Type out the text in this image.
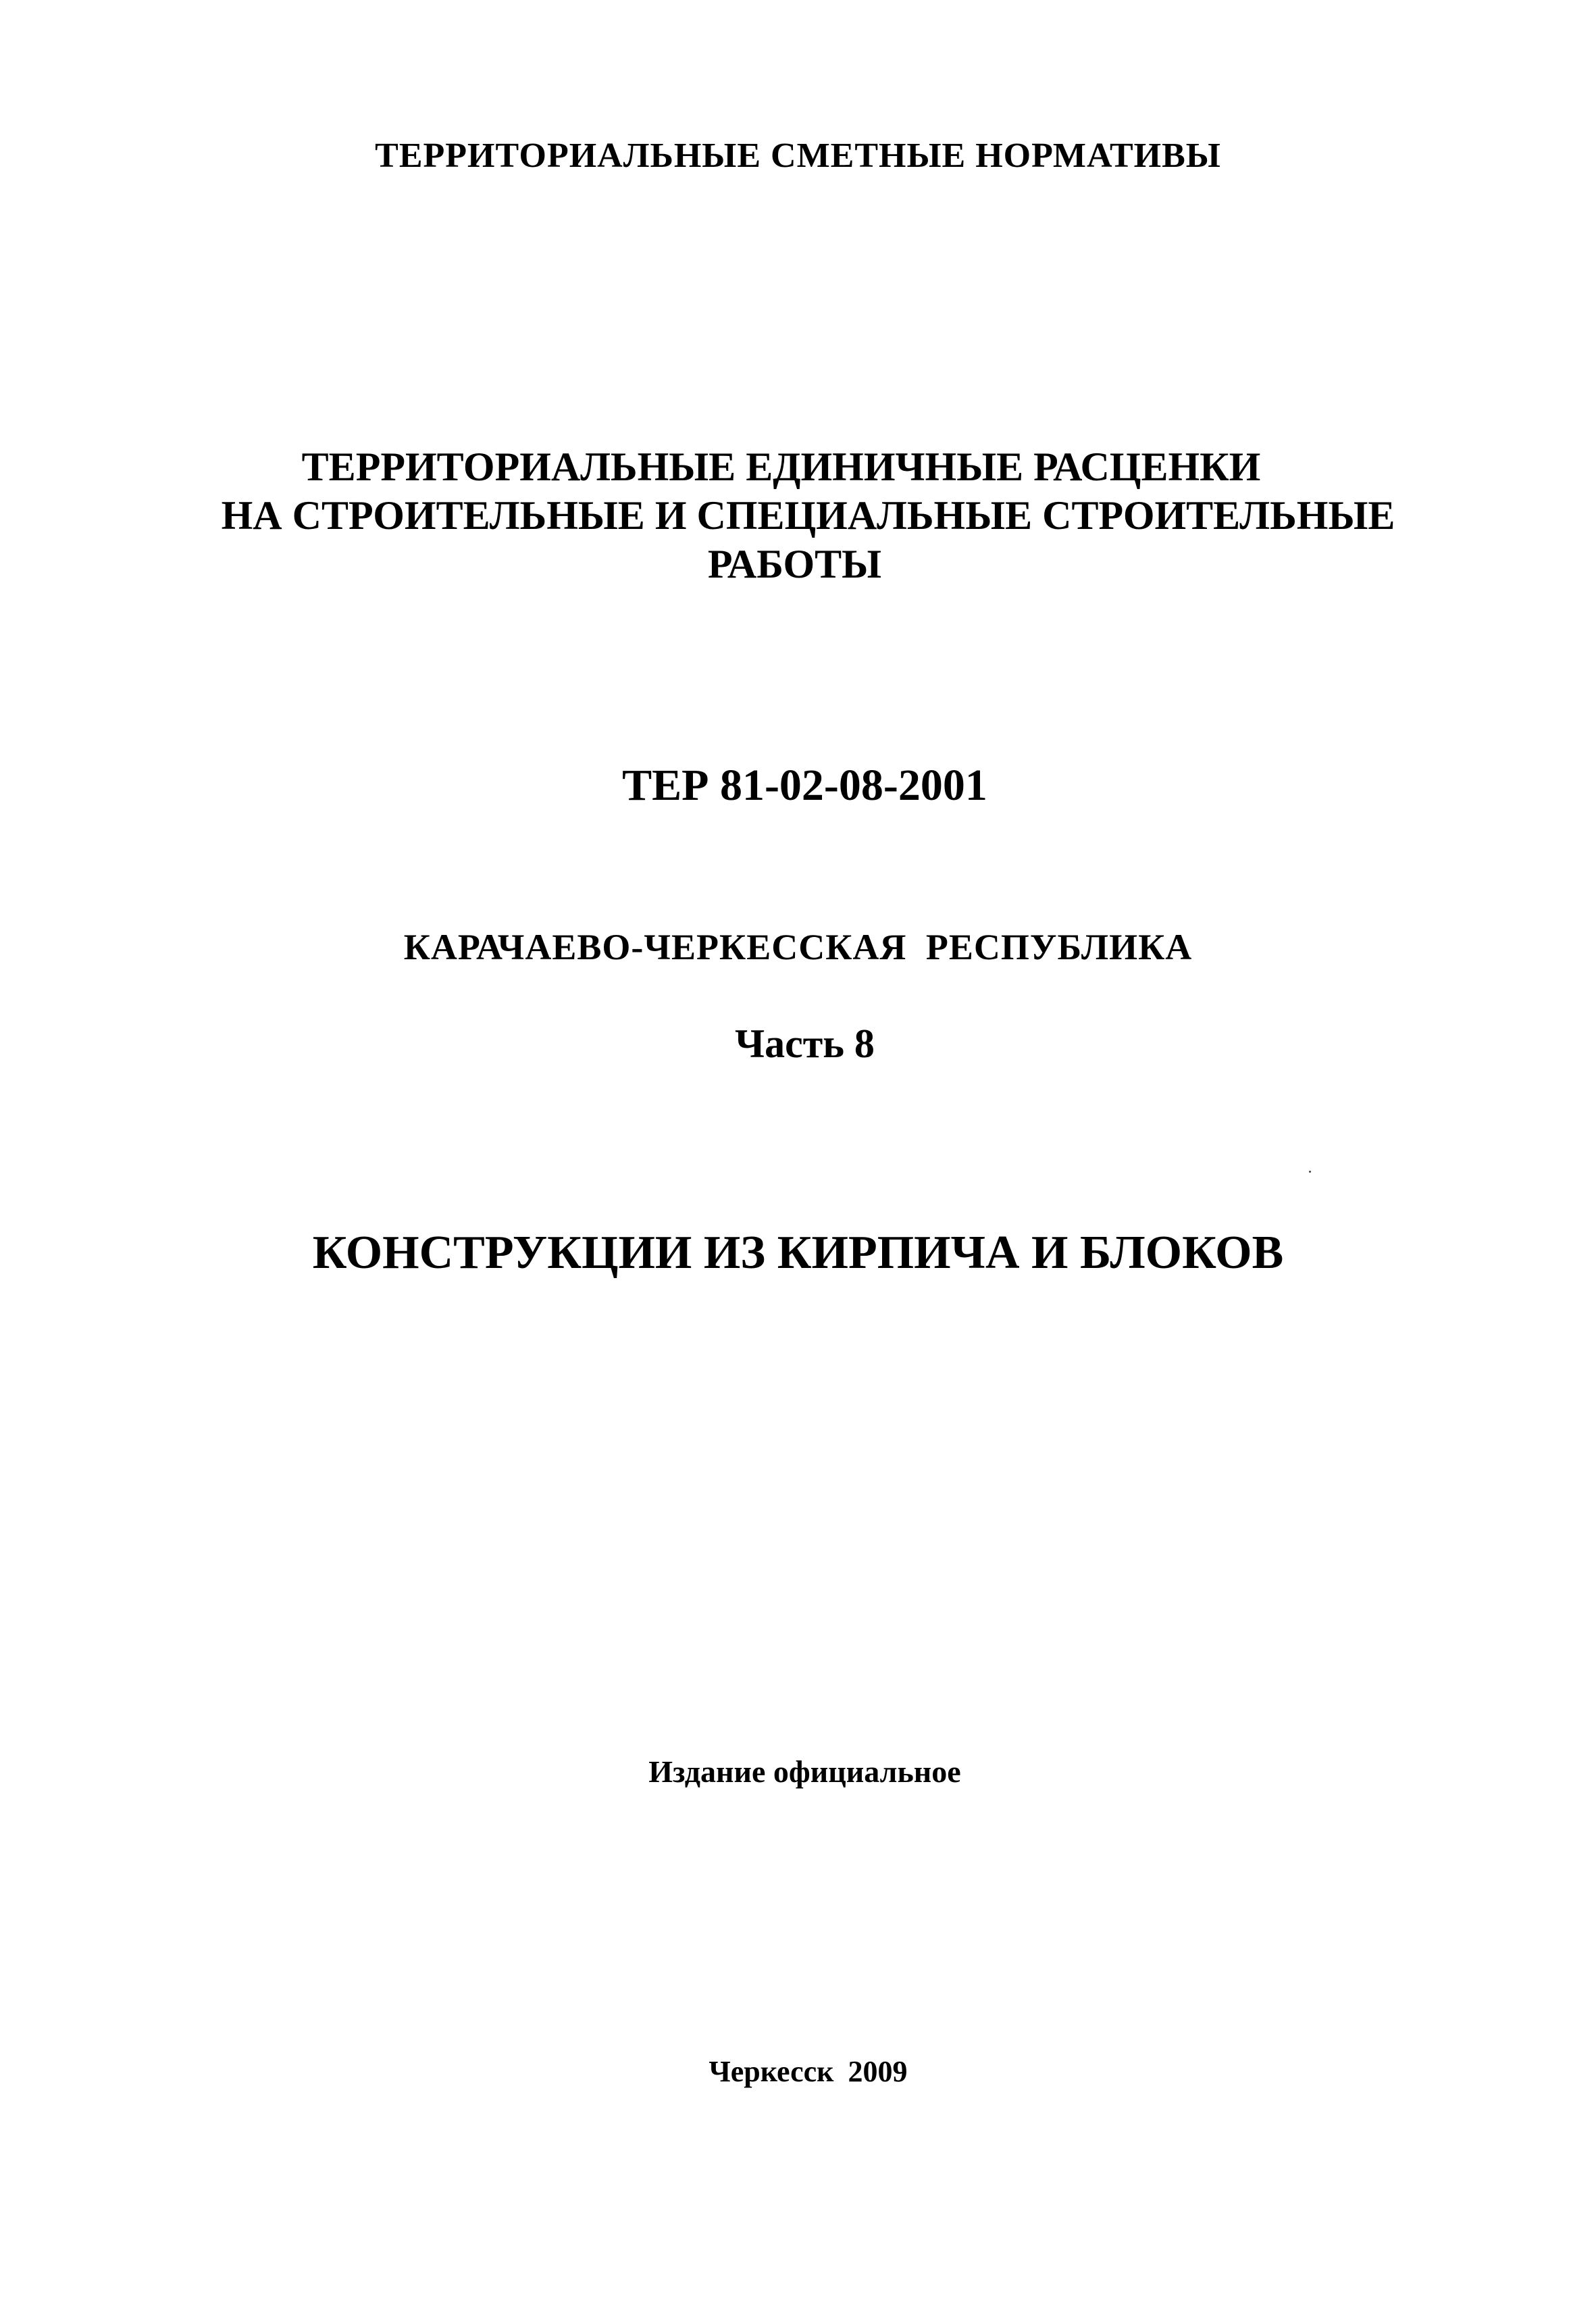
ТЕРРИТОРИАЛЬНЫЕ СМЕТНЫЕ НОРМАТИВЫ
ТЕРРИТОРИАЛЬНЫЕ ЕДИНИЧНЫЕ РАСЦЕНКИ
НА СТРОИТЕЛЬНЫЕ И СПЕЦИАЛЬНЫЕ СТРОИТЕЛЬНЫЕ
РАБОТЫ
ТЕР 81-02-08-2001
КАРАЧАЕВО-ЧЕРКЕССКАЯ РЕСПУБЛИКА
Часть 8
КОНСТРУКЦИИ ИЗ КИРПИЧА И БЛОКОВ
Издание официальное
Черкесск 2009
